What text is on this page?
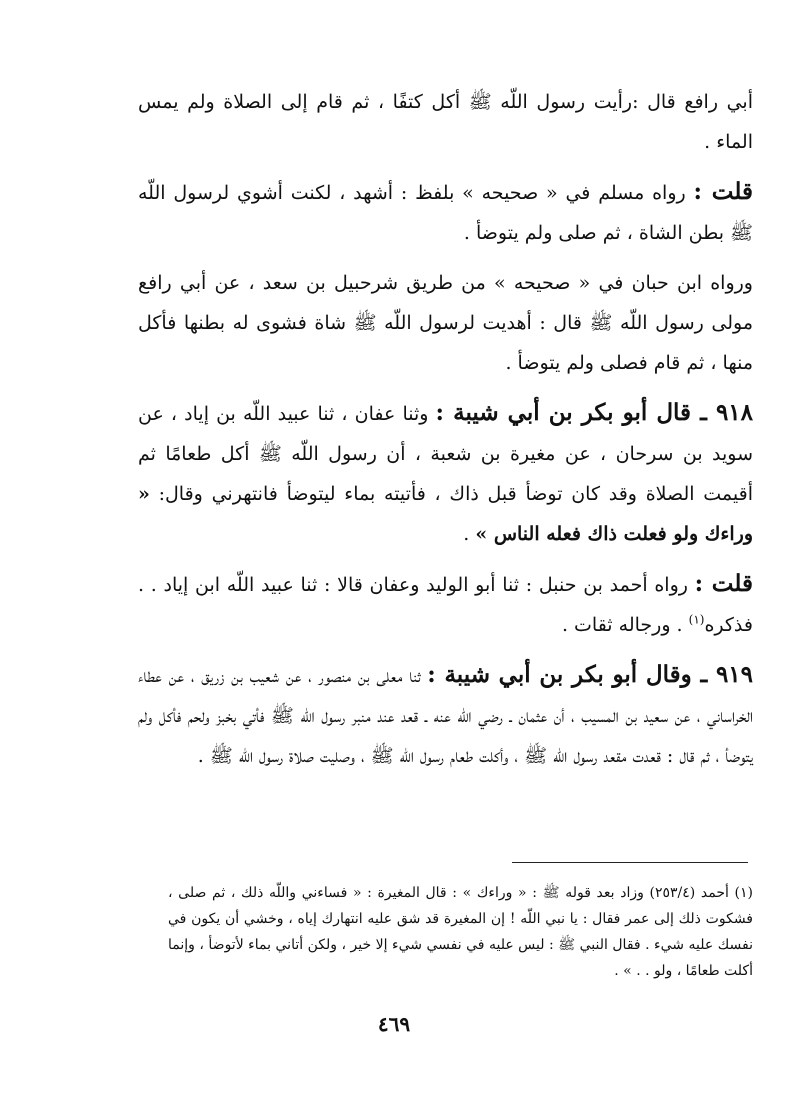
أبي رافع قال :رأيت رسول اللّه ﷺ أكل كتفًا ، ثم قام إلى الصلاة ولم يمس الماء .

قلت : رواه مسلم في « صحيحه » بلفظ : أشهد ، لكنت أشوي لرسول اللّه ﷺ بطن الشاة ، ثم صلى ولم يتوضأ .

ورواه ابن حبان في « صحيحه » من طريق شرحبيل بن سعد ، عن أبي رافع مولى رسول اللّه ﷺ قال : أهديت لرسول اللّه ﷺ شاة فشوى له بطنها فأكل منها ، ثم قام فصلى ولم يتوضأ .

٩١٨ ـ قال أبو بكر بن أبي شيبة : وثنا عفان ، ثنا عبيد اللّه بن إياد ، عن سويد بن سرحان ، عن مغيرة بن شعبة ، أن رسول اللّه ﷺ أكل طعامًا ثم أقيمت الصلاة وقد كان توضأ قبل ذاك ، فأتيته بماء ليتوضأ فانتهرني وقال: « وراءك ولو فعلت ذاك فعله الناس » .

قلت : رواه أحمد بن حنبل : ثنا أبو الوليد وعفان قالا : ثنا عبيد اللّه ابن إياد . . فذكره$^{(١)}$ . ورجاله ثقات .

٩١٩ ـ وقال أبو بكر بن أبي شيبة : ثنا معلى بن منصور ، عن شعيب بن زريق ، عن عطاء الخراساني ، عن سعيد بن المسيب ، أن عثمان ـ رضي اللّه عنه ـ قعد عند منبر رسول اللّه ﷺ فأتي بخبز ولحم فأكل ولم يتوضأ ، ثم قال : قعدت مقعد رسول اللّه ﷺ ، وأكلت طعام رسول اللّه ﷺ ، وصليت صلاة رسول اللّه ﷺ .

(١) أحمد (٢٥٣/٤) وزاد بعد قوله ﷺ : « وراءك » : قال المغيرة : « فساءني واللّه ذلك ، ثم صلى ، فشكوت ذلك إلى عمر فقال : يا نبي اللّه ! إن المغيرة قد شق عليه انتهارك إياه ، وخشي أن يكون في نفسك عليه شيء . فقال النبي ﷺ : ليس عليه في نفسي شيء إلا خير ، ولكن أتاني بماء لأتوضأ ، وإنما أكلت طعامًا ، ولو . . » .

٤٦٩
